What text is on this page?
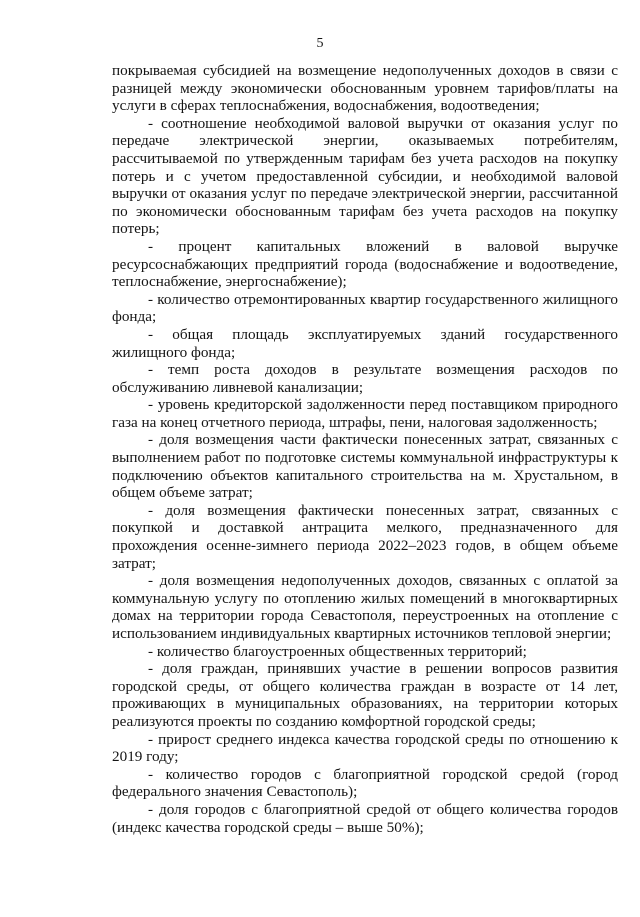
5

покрываемая субсидией на возмещение недополученных доходов в связи с разницей между экономически обоснованным уровнем тарифов/платы на услуги в сферах теплоснабжения, водоснабжения, водоотведения;

- соотношение необходимой валовой выручки от оказания услуг по передаче электрической энергии, оказываемых потребителям, рассчитываемой по утвержденным тарифам без учета расходов на покупку потерь и с учетом предоставленной субсидии, и необходимой валовой выручки от оказания услуг по передаче электрической энергии, рассчитанной по экономически обоснованным тарифам без учета расходов на покупку потерь;

- процент капитальных вложений в валовой выручке ресурсоснабжающих предприятий города (водоснабжение и водоотведение, теплоснабжение, энергоснабжение);

- количество отремонтированных квартир государственного жилищного фонда;

- общая площадь эксплуатируемых зданий государственного жилищного фонда;

- темп роста доходов в результате возмещения расходов по обслуживанию ливневой канализации;

- уровень кредиторской задолженности перед поставщиком природного газа на конец отчетного периода, штрафы, пени, налоговая задолженность;

- доля возмещения части фактически понесенных затрат, связанных с выполнением работ по подготовке системы коммунальной инфраструктуры к подключению объектов капитального строительства на м. Хрустальном, в общем объеме затрат;

- доля возмещения фактически понесенных затрат, связанных с покупкой и доставкой антрацита мелкого, предназначенного для прохождения осенне-зимнего периода 2022–2023 годов, в общем объеме затрат;

- доля возмещения недополученных доходов, связанных с оплатой за коммунальную услугу по отоплению жилых помещений в многоквартирных домах на территории города Севастополя, переустроенных на отопление с использованием индивидуальных квартирных источников тепловой энергии;

- количество благоустроенных общественных территорий;

- доля граждан, принявших участие в решении вопросов развития городской среды, от общего количества граждан в возрасте от 14 лет, проживающих в муниципальных образованиях, на территории которых реализуются проекты по созданию комфортной городской среды;

- прирост среднего индекса качества городской среды по отношению к 2019 году;

- количество городов с благоприятной городской средой (город федерального значения Севастополь);

- доля городов с благоприятной средой от общего количества городов (индекс качества городской среды – выше 50%);
